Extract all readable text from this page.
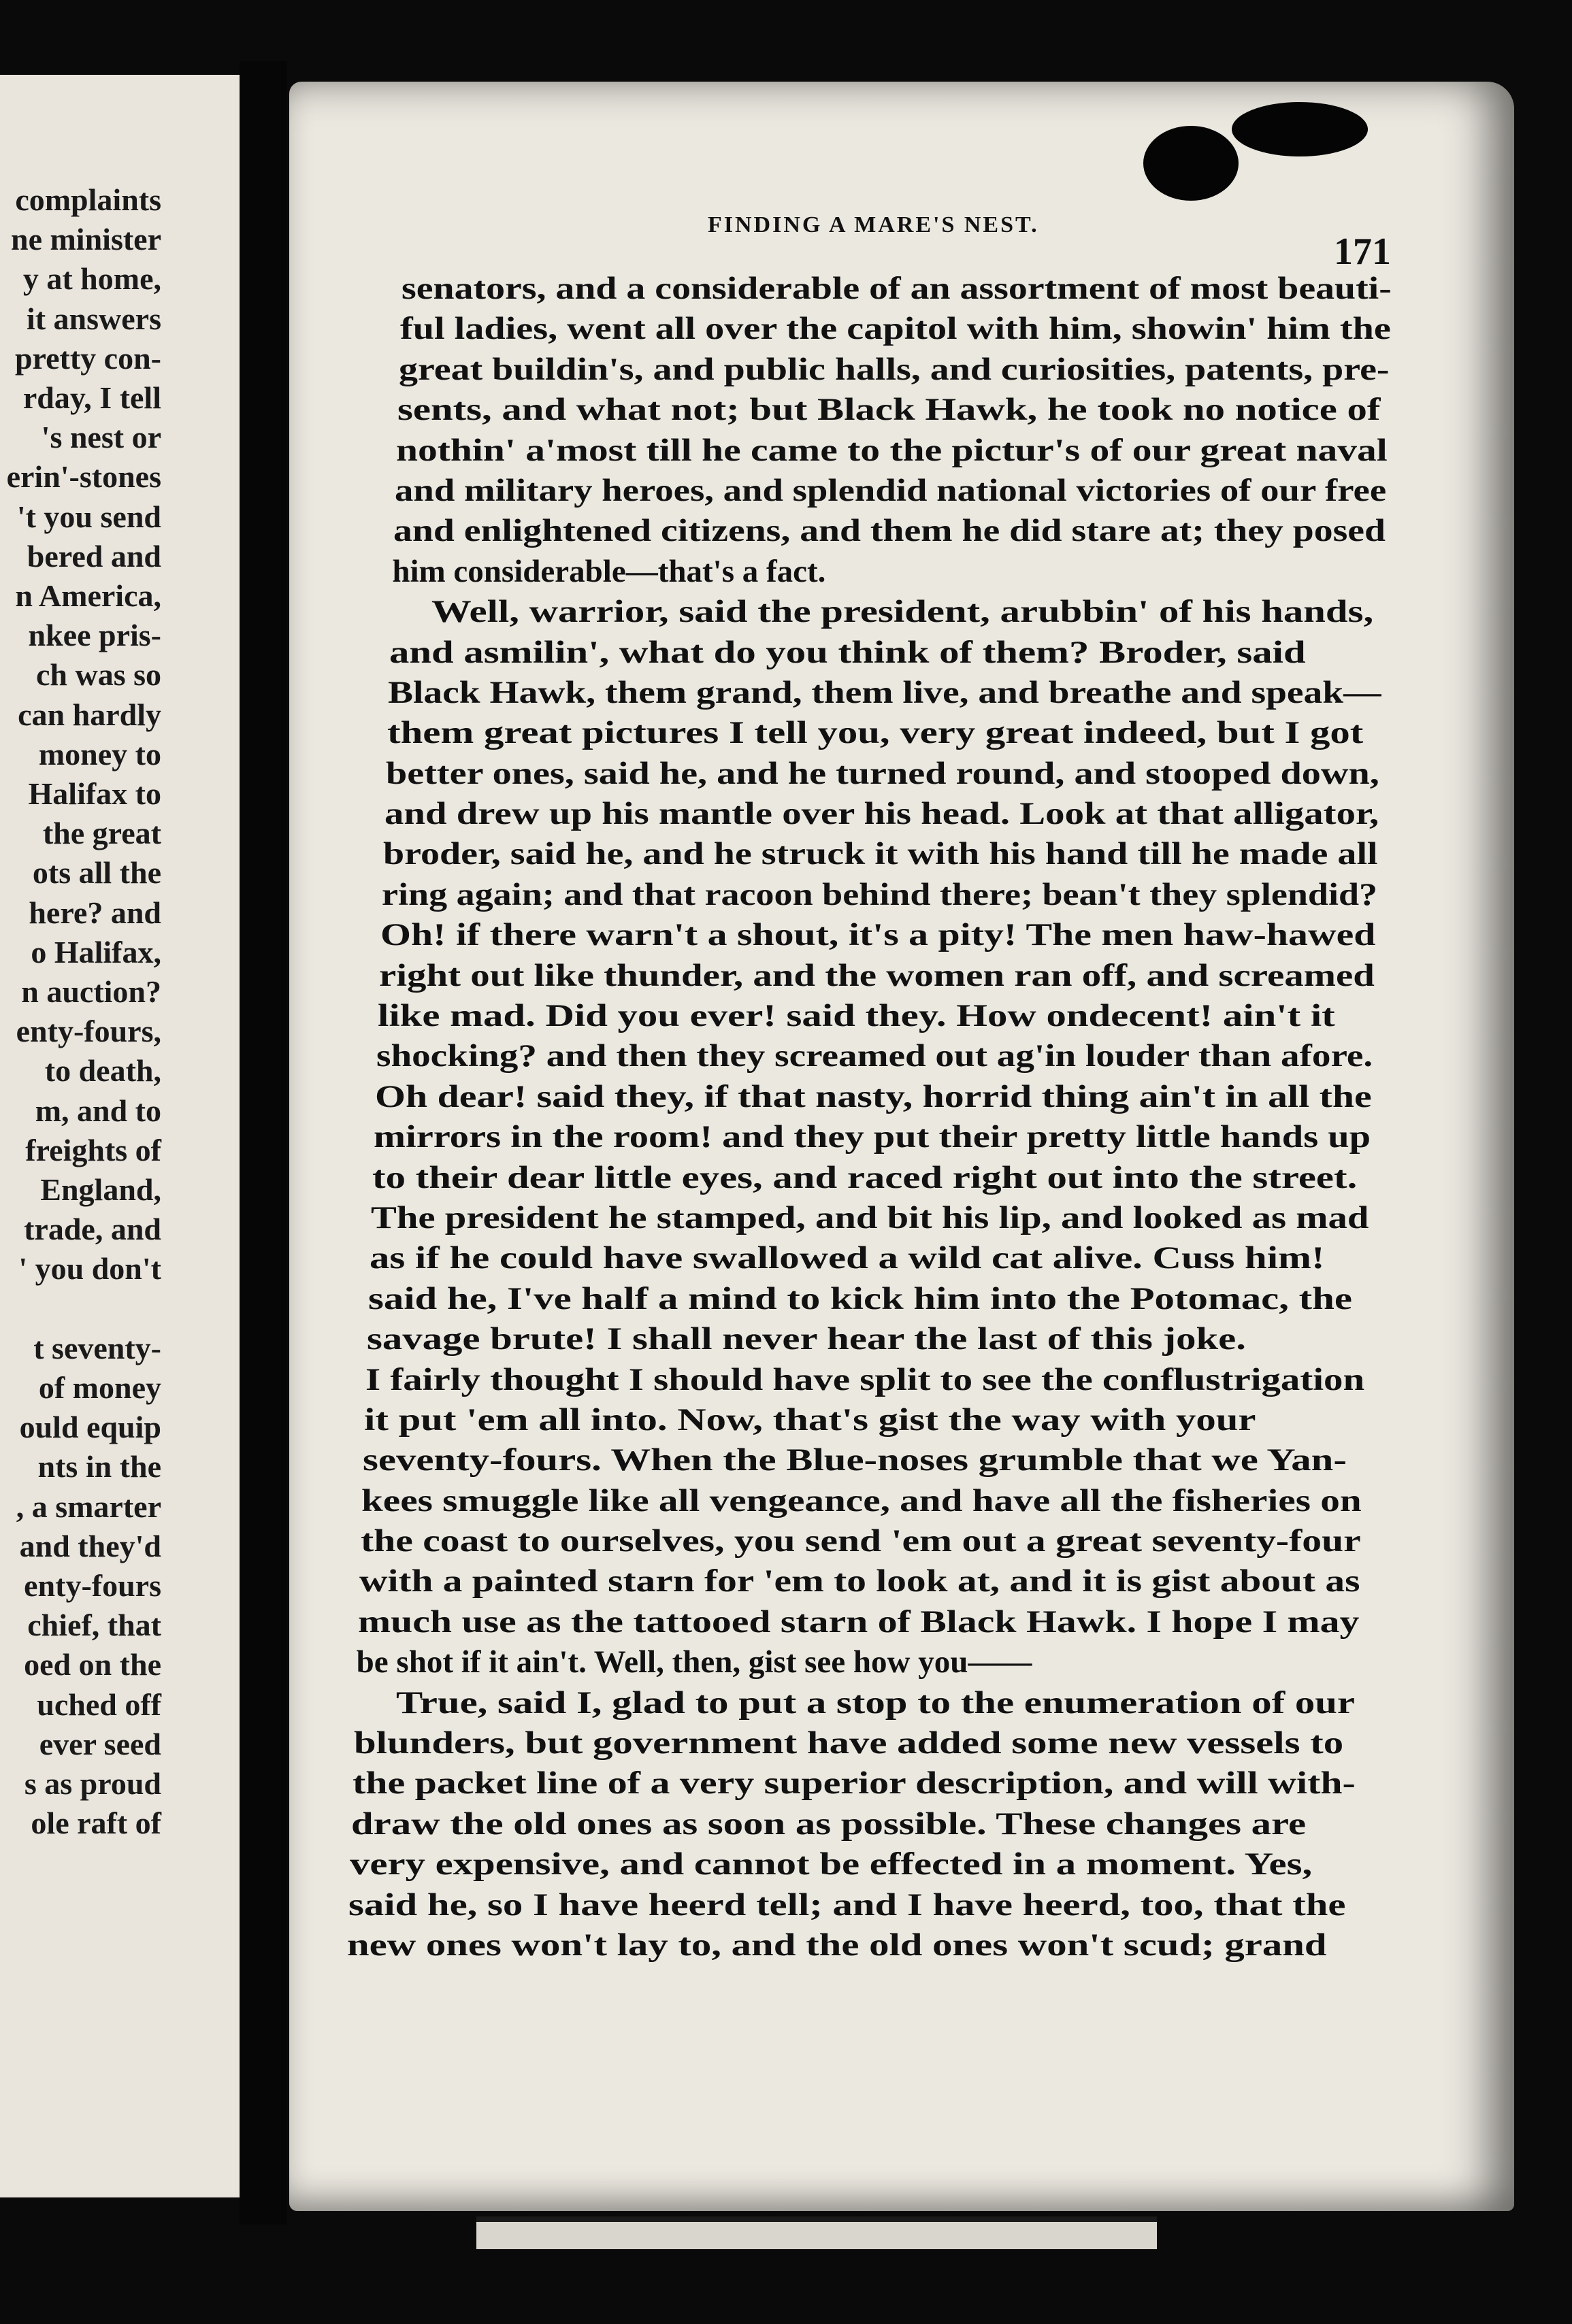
complaints
ne minister
y at home,
it answers
pretty con-
rday, I tell
's nest or
erin'-stones
't you send
bered and
n America,
nkee pris-
ch was so
can hardly
money to
Halifax to
the great
ots all the
here? and
o Halifax,
n auction?
enty-fours,
to death,
m, and to
freights of
England,
trade, and
' you don't
t seventy-
of money
ould equip
nts in the
, a smarter
and they'd
enty-fours
chief, that
oed on the
uched off
ever seed
s as proud
ole raft of
FINDING A MARE'S NEST.
171
senators, and a considerable of an assortment of most beauti-
ful ladies, went all over the capitol with him, showin' him the
great buildin's, and public halls, and curiosities, patents, pre-
sents, and what not; but Black Hawk, he took no notice of
nothin' a'most till he came to the pictur's of our great naval
and military heroes, and splendid national victories of our free
and enlightened citizens, and them he did stare at; they posed
him considerable—that's a fact.
Well, warrior, said the president, arubbin' of his hands,
and asmilin', what do you think of them? Broder, said
Black Hawk, them grand, them live, and breathe and speak—
them great pictures I tell you, very great indeed, but I got
better ones, said he, and he turned round, and stooped down,
and drew up his mantle over his head. Look at that alligator,
broder, said he, and he struck it with his hand till he made all
ring again; and that racoon behind there; bean't they splendid?
Oh! if there warn't a shout, it's a pity! The men haw-hawed
right out like thunder, and the women ran off, and screamed
like mad. Did you ever! said they. How ondecent! ain't it
shocking? and then they screamed out ag'in louder than afore.
Oh dear! said they, if that nasty, horrid thing ain't in all the
mirrors in the room! and they put their pretty little hands up
to their dear little eyes, and raced right out into the street.
The president he stamped, and bit his lip, and looked as mad
as if he could have swallowed a wild cat alive. Cuss him!
said he, I've half a mind to kick him into the Potomac, the
savage brute! I shall never hear the last of this joke.
I fairly thought I should have split to see the conflustrigation
it put 'em all into. Now, that's gist the way with your
seventy-fours. When the Blue-noses grumble that we Yan-
kees smuggle like all vengeance, and have all the fisheries on
the coast to ourselves, you send 'em out a great seventy-four
with a painted starn for 'em to look at, and it is gist about as
much use as the tattooed starn of Black Hawk. I hope I may
be shot if it ain't. Well, then, gist see how you——
True, said I, glad to put a stop to the enumeration of our
blunders, but government have added some new vessels to
the packet line of a very superior description, and will with-
draw the old ones as soon as possible. These changes are
very expensive, and cannot be effected in a moment. Yes,
said he, so I have heerd tell; and I have heerd, too, that the
new ones won't lay to, and the old ones won't scud; grand
